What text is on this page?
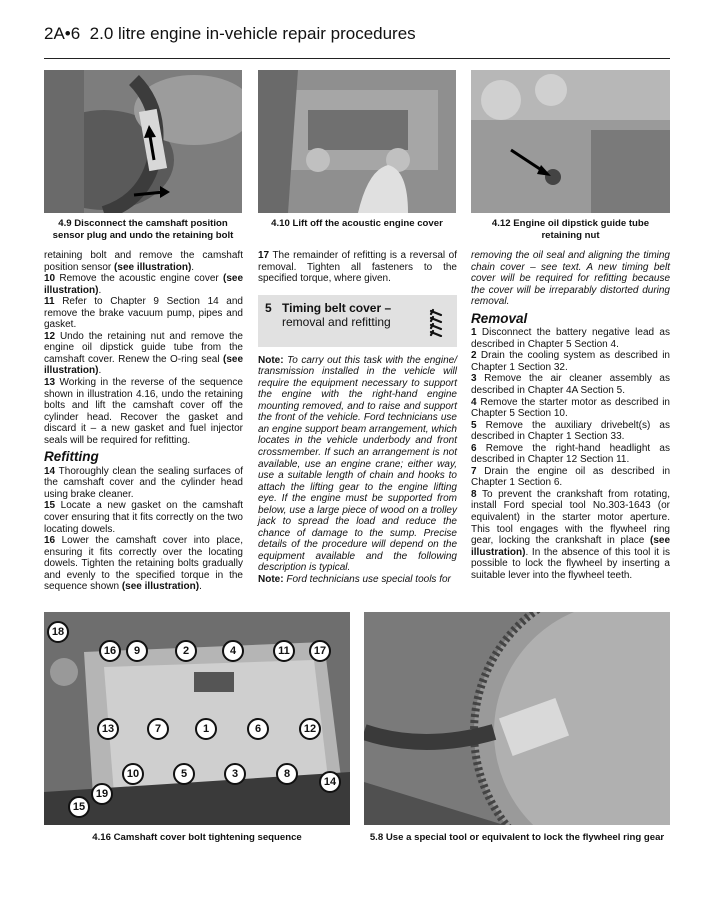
2A•6 2.0 litre engine in-vehicle repair procedures
4.9 Disconnect the camshaft position sensor plug and undo the retaining bolt
4.10 Lift off the acoustic engine cover	4.12 Engine oil dipstick guide tube retaining nut

retaining bolt and remove the camshaft position sensor (see illustration).

10 Remove the acoustic engine cover (see illustration).

11 Refer to Chapter 9 Section 14 and remove the brake vacuum pump, pipes and gasket.

12 Undo the retaining nut and remove the engine oil dipstick guide tube from the camshaft cover. Renew the O-ring seal (see illustration).

13 Working in the reverse of the sequence shown in illustration 4.16, undo the retaining bolts and lift the camshaft cover off the cylinder head. Recover the gasket and discard it – a new gasket and fuel injector seals will be required for refitting.

Refitting

14 Thoroughly clean the sealing surfaces of the camshaft cover and the cylinder head using brake cleaner.

15 Locate a new gasket on the camshaft cover ensuring that it fits correctly on the two locating dowels.

16 Lower the camshaft cover into place, ensuring it fits correctly over the locating dowels. Tighten the retaining bolts gradually and evenly to the specified torque in the sequence shown (see illustration).

17 The remainder of refitting is a reversal of removal. Tighten all fasteners to the specified torque, where given.

5 Timing belt cover –
removal and refitting

Note: To carry out this task with the engine/ transmission installed in the vehicle will require the equipment necessary to support the engine with the right-hand engine mounting removed, and to raise and support the front of the vehicle. Ford technicians use an engine support beam arrangement, which locates in the vehicle underbody and front crossmember. If such an arrangement is not available, use an engine crane; either way, use a suitable length of chain and hooks to attach the lifting gear to the engine lifting eye. If the engine must be supported from below, use a large piece of wood on a trolley jack to spread the load and reduce the chance of damage to the sump. Precise details of the procedure will depend on the equipment available and the following description is typical.

Note: Ford technicians use special tools for

removing the oil seal and aligning the timing chain cover – see text. A new timing belt cover will be required for refitting because the cover will be irreparably distorted during removal.

Removal

1 Disconnect the battery negative lead as described in Chapter 5 Section 4.

2 Drain the cooling system as described in Chapter 1 Section 32.

3 Remove the air cleaner assembly as described in Chapter 4A Section 5.

4 Remove the starter motor as described in Chapter 5 Section 10.

5 Remove the auxiliary drivebelt(s) as described in Chapter 1 Section 33.

6 Remove the right-hand headlight as described in Chapter 12 Section 11.

7 Drain the engine oil as described in Chapter 1 Section 6.

8 To prevent the crankshaft from rotating, install Ford special tool No.303-1643 (or equivalent) in the starter motor aperture. This tool engages with the flywheel ring gear, locking the crankshaft in place (see illustration). In the absence of this tool it is possible to lock the flywheel by inserting a suitable lever into the flywheel teeth.

18
16	9	2	4	11	17
13	7	1	6	12
10	5	3	8
14
19
15
4.16 Camshaft cover bolt tightening sequence	5.8 Use a special tool or equivalent to lock the flywheel ring gear
